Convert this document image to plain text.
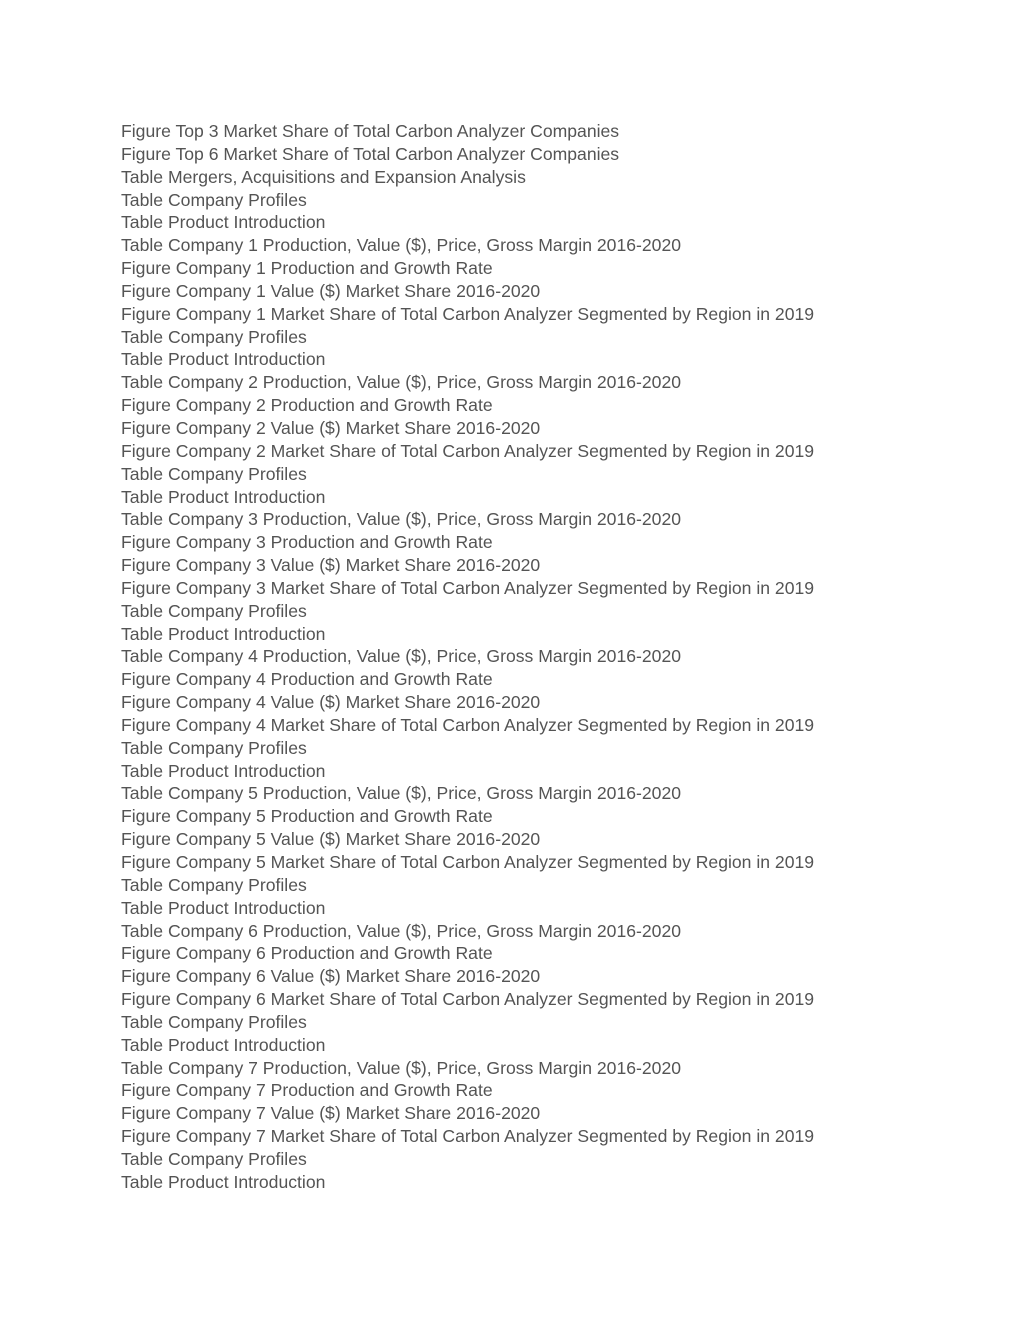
Figure Top 3 Market Share of Total Carbon Analyzer Companies
Figure Top 6 Market Share of Total Carbon Analyzer Companies
Table Mergers, Acquisitions and Expansion Analysis
Table Company Profiles
Table Product Introduction
Table Company 1 Production, Value ($), Price, Gross Margin 2016-2020
Figure Company 1 Production and Growth Rate
Figure Company 1 Value ($) Market Share 2016-2020
Figure Company 1 Market Share of Total Carbon Analyzer Segmented by Region in 2019
Table Company Profiles
Table Product Introduction
Table Company 2 Production, Value ($), Price, Gross Margin 2016-2020
Figure Company 2 Production and Growth Rate
Figure Company 2 Value ($) Market Share 2016-2020
Figure Company 2 Market Share of Total Carbon Analyzer Segmented by Region in 2019
Table Company Profiles
Table Product Introduction
Table Company 3 Production, Value ($), Price, Gross Margin 2016-2020
Figure Company 3 Production and Growth Rate
Figure Company 3 Value ($) Market Share 2016-2020
Figure Company 3 Market Share of Total Carbon Analyzer Segmented by Region in 2019
Table Company Profiles
Table Product Introduction
Table Company 4 Production, Value ($), Price, Gross Margin 2016-2020
Figure Company 4 Production and Growth Rate
Figure Company 4 Value ($) Market Share 2016-2020
Figure Company 4 Market Share of Total Carbon Analyzer Segmented by Region in 2019
Table Company Profiles
Table Product Introduction
Table Company 5 Production, Value ($), Price, Gross Margin 2016-2020
Figure Company 5 Production and Growth Rate
Figure Company 5 Value ($) Market Share 2016-2020
Figure Company 5 Market Share of Total Carbon Analyzer Segmented by Region in 2019
Table Company Profiles
Table Product Introduction
Table Company 6 Production, Value ($), Price, Gross Margin 2016-2020
Figure Company 6 Production and Growth Rate
Figure Company 6 Value ($) Market Share 2016-2020
Figure Company 6 Market Share of Total Carbon Analyzer Segmented by Region in 2019
Table Company Profiles
Table Product Introduction
Table Company 7 Production, Value ($), Price, Gross Margin 2016-2020
Figure Company 7 Production and Growth Rate
Figure Company 7 Value ($) Market Share 2016-2020
Figure Company 7 Market Share of Total Carbon Analyzer Segmented by Region in 2019
Table Company Profiles
Table Product Introduction
